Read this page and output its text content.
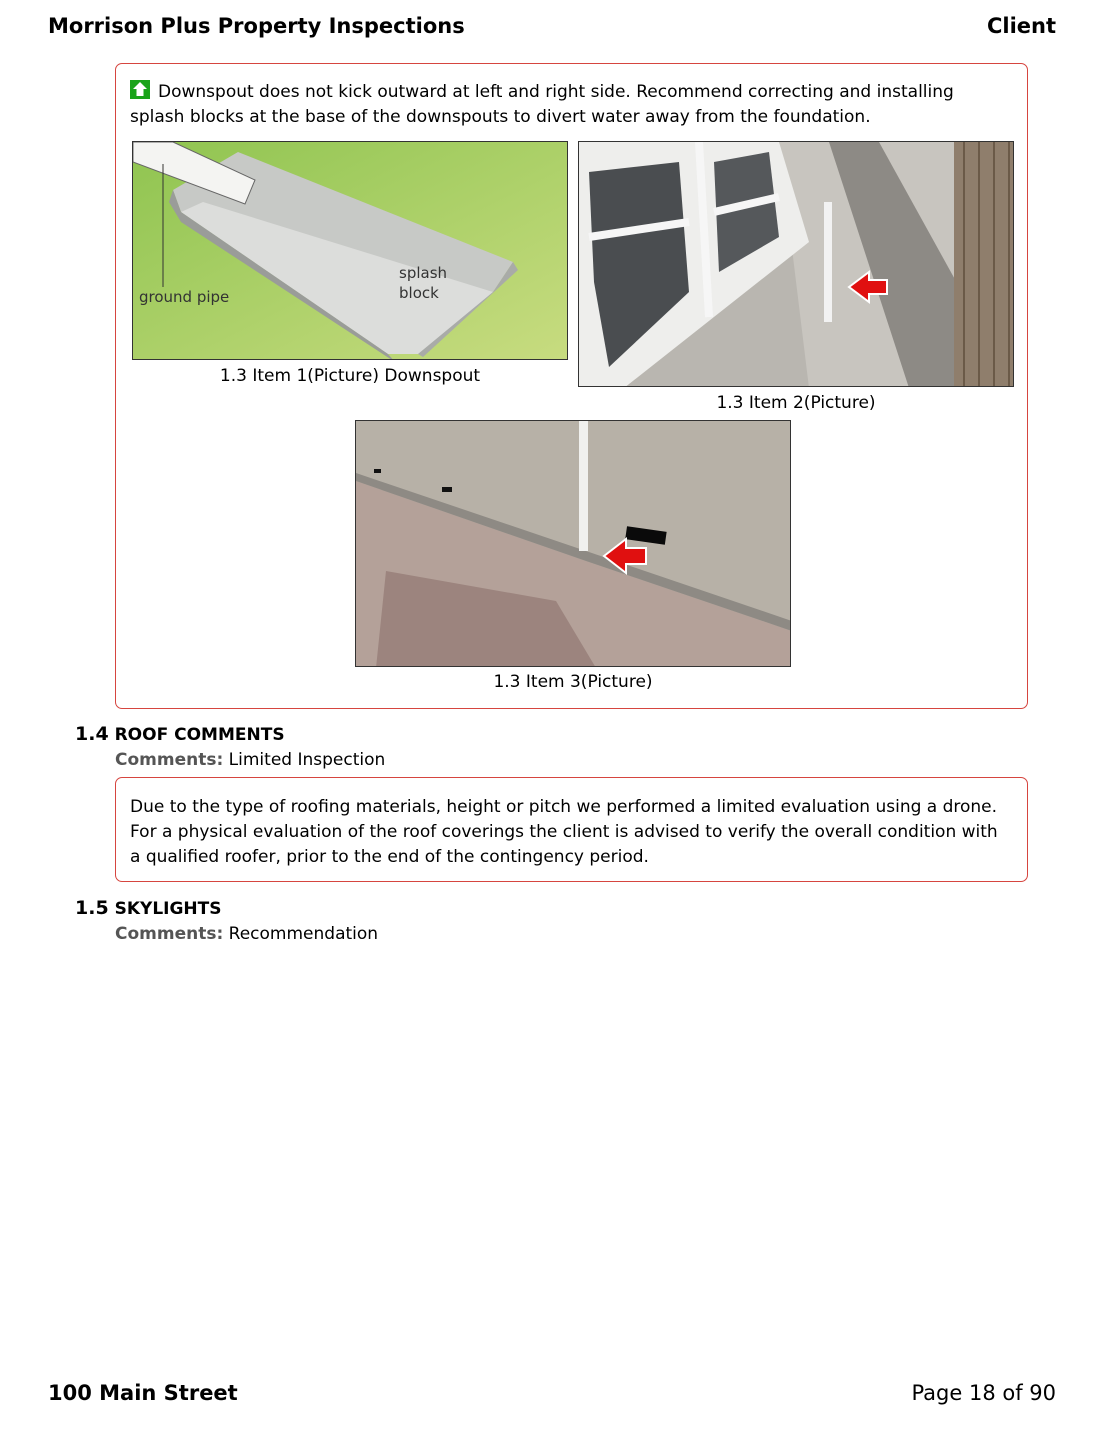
Morrison Plus Property Inspections	Client
Downspout does not kick outward at left and right side. Recommend correcting and installing splash blocks at the base of the downspouts to divert water away from the foundation.
ground pipe
splash
block
1.3 Item 1(Picture) Downspout
1.3 Item 2(Picture)
1.3 Item 3(Picture)
1.4 ROOF COMMENTS
Comments: Limited Inspection
Due to the type of roofing materials, height or pitch we performed a limited evaluation using a drone. For a physical evaluation of the roof coverings the client is advised to verify the overall condition with a qualified roofer, prior to the end of the contingency period.
1.5 SKYLIGHTS
Comments: Recommendation
100 Main Street	Page 18 of 90
